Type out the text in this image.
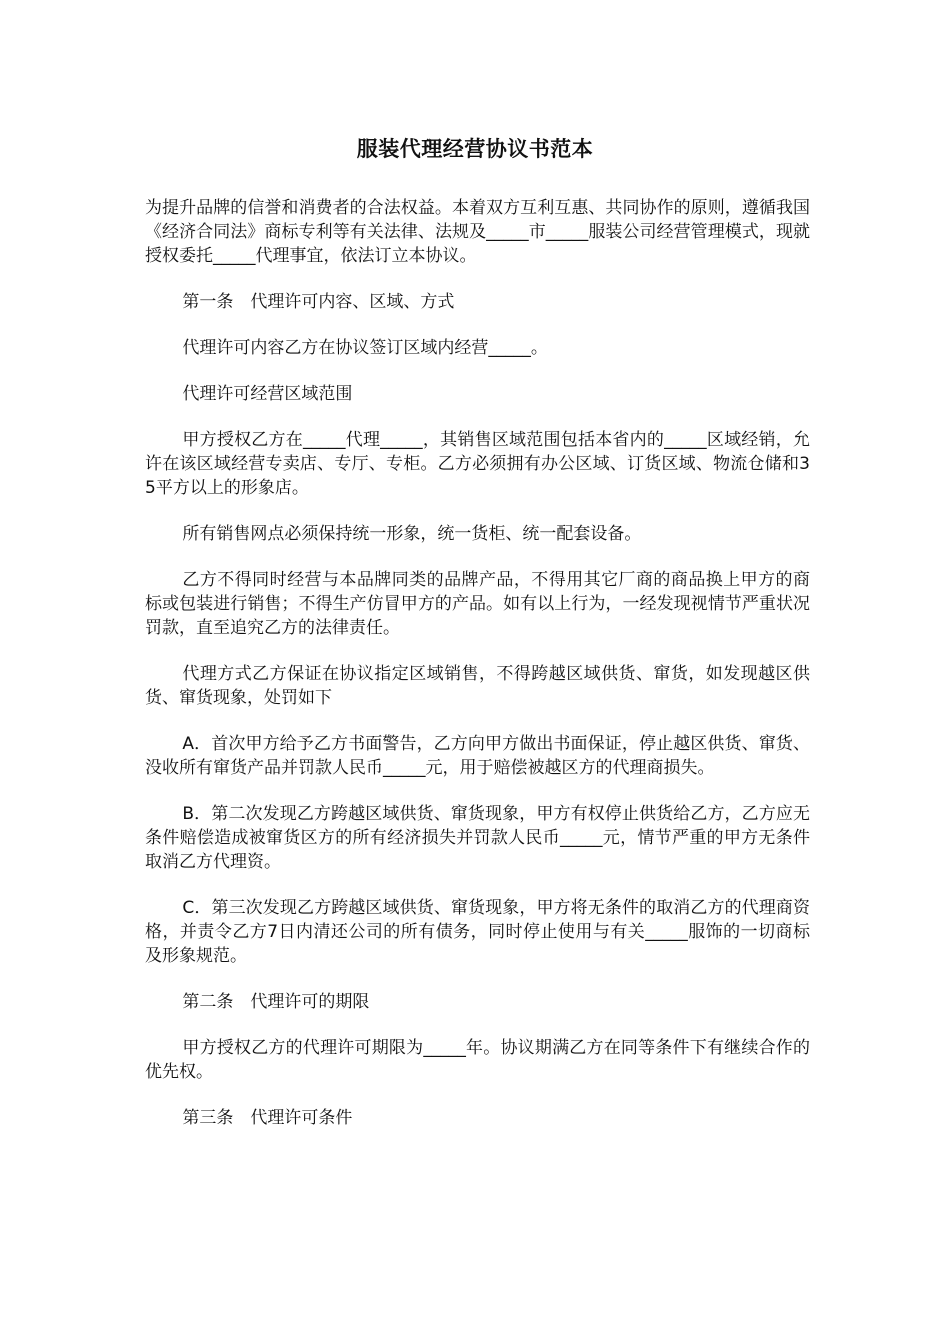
服装代理经营协议书范本

为提升品牌的信誉和消费者的合法权益。本着双方互利互惠、共同协作的原则，遵循我国《经济合同法》商标专利等有关法律、法规及_____市_____服装公司经营管理模式，现就授权委托_____代理事宜，依法订立本协议。

第一条　代理许可内容、区域、方式

代理许可内容乙方在协议签订区域内经营_____。

代理许可经营区域范围

甲方授权乙方在_____代理_____，其销售区域范围包括本省内的_____区域经销，允许在该区域经营专卖店、专厅、专柜。乙方必须拥有办公区域、订货区域、物流仓储和35平方以上的形象店。

所有销售网点必须保持统一形象，统一货柜、统一配套设备。

乙方不得同时经营与本品牌同类的品牌产品，不得用其它厂商的商品换上甲方的商标或包装进行销售；不得生产仿冒甲方的产品。如有以上行为，一经发现视情节严重状况罚款，直至追究乙方的法律责任。

代理方式乙方保证在协议指定区域销售，不得跨越区域供货、窜货，如发现越区供货、窜货现象，处罚如下

A．首次甲方给予乙方书面警告，乙方向甲方做出书面保证，停止越区供货、窜货、没收所有窜货产品并罚款人民币_____元，用于赔偿被越区方的代理商损失。

B．第二次发现乙方跨越区域供货、窜货现象，甲方有权停止供货给乙方，乙方应无条件赔偿造成被窜货区方的所有经济损失并罚款人民币_____元，情节严重的甲方无条件取消乙方代理资。

C．第三次发现乙方跨越区域供货、窜货现象，甲方将无条件的取消乙方的代理商资格，并责令乙方7日内清还公司的所有债务，同时停止使用与有关_____服饰的一切商标及形象规范。

第二条　代理许可的期限

甲方授权乙方的代理许可期限为_____年。协议期满乙方在同等条件下有继续合作的优先权。

第三条　代理许可条件
